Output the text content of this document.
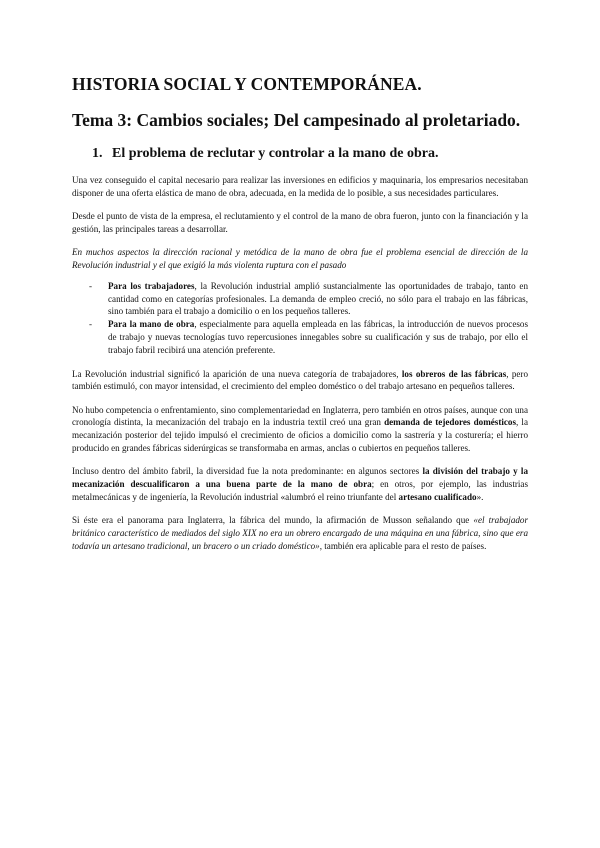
HISTORIA SOCIAL Y CONTEMPORÁNEA.
Tema 3: Cambios sociales; Del campesinado al proletariado.
1. El problema de reclutar y controlar a la mano de obra.

Una vez conseguido el capital necesario para realizar las inversiones en edificios y maquinaria, los empresarios necesitaban disponer de una oferta elástica de mano de obra, adecuada, en la medida de lo posible, a sus necesidades particulares.

Desde el punto de vista de la empresa, el reclutamiento y el control de la mano de obra fueron, junto con la financiación y la gestión, las principales tareas a desarrollar.

En muchos aspectos la dirección racional y metódica de la mano de obra fue el problema esencial de dirección de la Revolución industrial y el que exigió la más violenta ruptura con el pasado

- Para los trabajadores, la Revolución industrial amplió sustancialmente las oportunidades de trabajo, tanto en cantidad como en categorías profesionales. La demanda de empleo creció, no sólo para el trabajo en las fábricas, sino también para el trabajo a domicilio o en los pequeños talleres.
- Para la mano de obra, especialmente para aquella empleada en las fábricas, la introducción de nuevos procesos de trabajo y nuevas tecnologías tuvo repercusiones innegables sobre su cualificación y sus de trabajo, por ello el trabajo fabril recibirá una atención preferente.

La Revolución industrial significó la aparición de una nueva categoría de trabajadores, los obreros de las fábricas, pero también estimuló, con mayor intensidad, el crecimiento del empleo doméstico o del trabajo artesano en pequeños talleres.

No hubo competencia o enfrentamiento, sino complementariedad en Inglaterra, pero también en otros países, aunque con una cronología distinta, la mecanización del trabajo en la industria textil creó una gran demanda de tejedores domésticos, la mecanización posterior del tejido impulsó el crecimiento de oficios a domicilio como la sastrería y la costurería; el hierro producido en grandes fábricas siderúrgicas se transformaba en armas, anclas o cubiertos en pequeños talleres.

Incluso dentro del ámbito fabril, la diversidad fue la nota predominante: en algunos sectores la división del trabajo y la mecanización descualificaron a una buena parte de la mano de obra; en otros, por ejemplo, las industrias metalmecánicas y de ingeniería, la Revolución industrial «alumbró el reino triunfante del artesano cualificado».

Si éste era el panorama para Inglaterra, la fábrica del mundo, la afirmación de Musson señalando que «el trabajador británico característico de mediados del siglo XIX no era un obrero encargado de una máquina en una fábrica, sino que era todavía un artesano tradicional, un bracero o un criado doméstico», también era aplicable para el resto de países.
